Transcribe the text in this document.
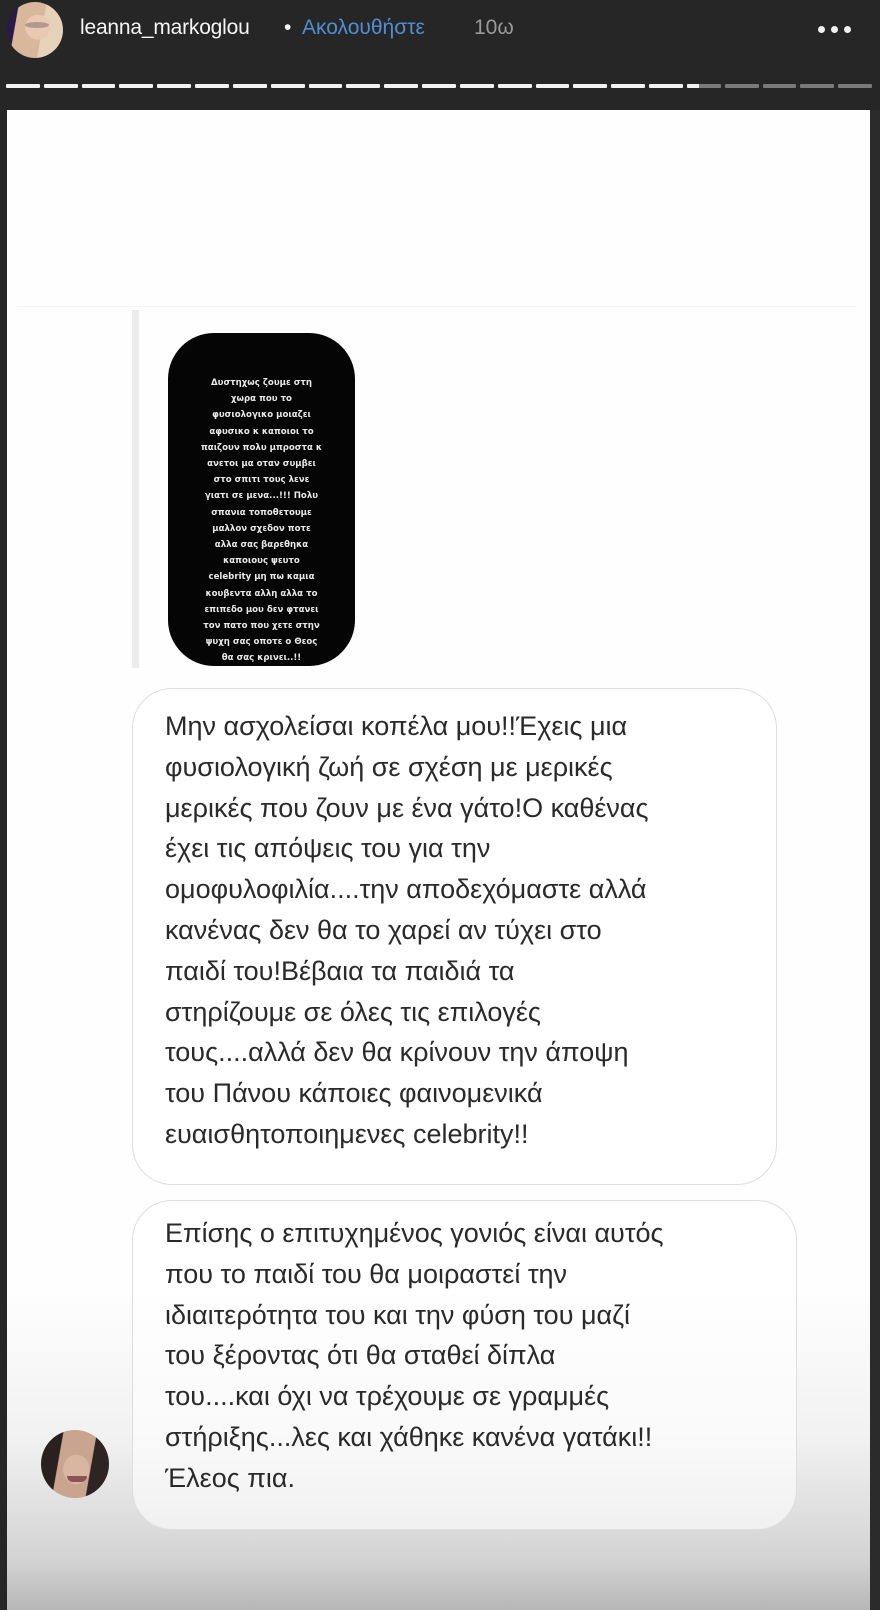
leanna_markoglou • Ακολουθήστε 10ω
Δυστηχως ζουμε στη
χωρα που το
φυσιολογικο μοιαζει
αφυσικο κ καποιοι το
παιζουν πολυ μπροστα κ
ανετοι μα οταν συμβει
στο σπιτι τους λενε
γιατι σε μενα...!!! Πολυ
σπανια τοποθετουμε
μαλλον σχεδον ποτε
αλλα σας βαρεθηκα
καποιους ψευτο
celebrity μη πω καμια
κουβεντα αλλη αλλα το
επιπεδο μου δεν φτανει
τον πατο που χετε στην
ψυχη σας οποτε ο Θεος
θα σας κρινει..!!
Μην ασχολείσαι κοπέλα μου!!Έχεις μια
φυσιολογική ζωή σε σχέση με μερικές
μερικές που ζουν με ένα γάτο!Ο καθένας
έχει τις απόψεις του για την
ομοφυλοφιλία....την αποδεχόμαστε αλλά
κανένας δεν θα το χαρεί αν τύχει στο
παιδί του!Βέβαια τα παιδιά τα
στηρίζουμε σε όλες τις επιλογές
τους....αλλά δεν θα κρίνουν την άποψη
του Πάνου κάποιες φαινομενικά
ευαισθητοποιημενες celebrity!!
Επίσης ο επιτυχημένος γονιός είναι αυτός
που το παιδί του θα μοιραστεί την
ιδιαιτερότητα του και την φύση του μαζί
του ξέροντας ότι θα σταθεί δίπλα
του....και όχι να τρέχουμε σε γραμμές
στήριξης...λες και χάθηκε κανένα γατάκι!!
Έλεος πια.
